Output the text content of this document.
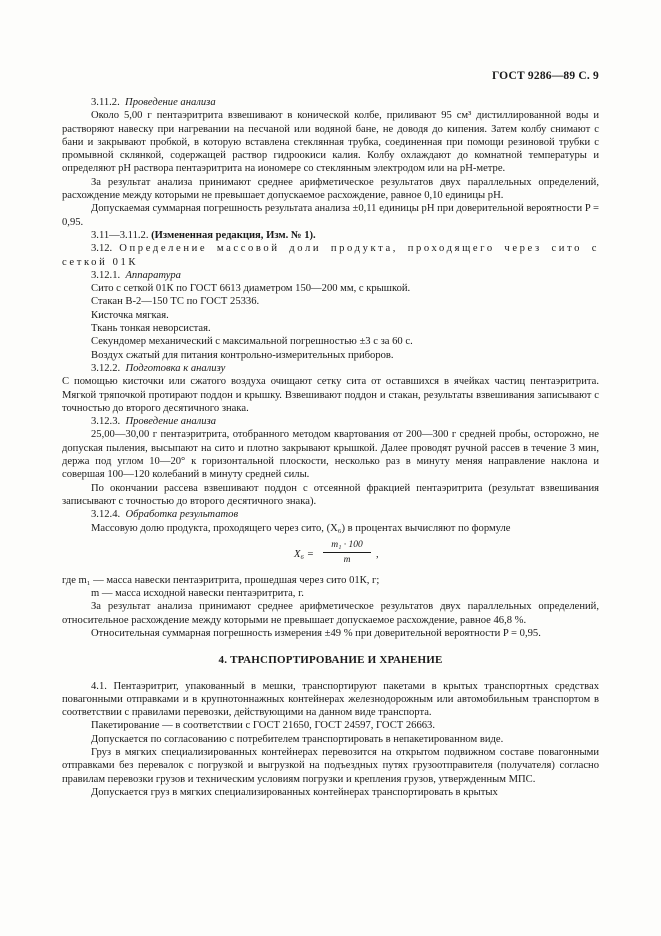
ГОСТ 9286—89 С. 9

3.11.2. Проведение анализа

Около 5,00 г пентаэритрита взвешивают в конической колбе, приливают 95 см³ дистиллированной воды и растворяют навеску при нагревании на песчаной или водяной бане, не доводя до кипения. Затем колбу снимают с бани и закрывают пробкой, в которую вставлена стеклянная трубка, соединенная при помощи резиновой трубки с промывной склянкой, содержащей раствор гидроокиси калия. Колбу охлаждают до комнатной температуры и определяют pH раствора пентаэритрита на иономере со стеклянным электродом или на pH-метре.

За результат анализа принимают среднее арифметическое результатов двух параллельных определений, расхождение между которыми не превышает допускаемое расхождение, равное 0,10 единицы pH.

Допускаемая суммарная погрешность результата анализа ±0,11 единицы pH при доверительной вероятности P = 0,95.

3.11—3.11.2. (Измененная редакция, Изм. № 1).

3.12. Определение массовой доли продукта, проходящего через сито с сеткой 01К

3.12.1. Аппаратура

Сито с сеткой 01К по ГОСТ 6613 диаметром 150—200 мм, с крышкой.

Стакан В-2—150 ТС по ГОСТ 25336.

Кисточка мягкая.

Ткань тонкая неворсистая.

Секундомер механический с максимальной погрешностью ±3 с за 60 с.

Воздух сжатый для питания контрольно-измерительных приборов.

3.12.2. Подготовка к анализу

С помощью кисточки или сжатого воздуха очищают сетку сита от оставшихся в ячейках частиц пентаэритрита. Мягкой тряпочкой протирают поддон и крышку. Взвешивают поддон и стакан, результаты взвешивания записывают с точностью до второго десятичного знака.

3.12.3. Проведение анализа

25,00—30,00 г пентаэритрита, отобранного методом квартования от 200—300 г средней пробы, осторожно, не допуская пыления, высыпают на сито и плотно закрывают крышкой. Далее проводят ручной рассев в течение 3 мин, держа под углом 10—20° к горизонтальной плоскости, несколько раз в минуту меняя направление наклона и совершая 100—120 колебаний в минуту средней силы.

По окончании рассева взвешивают поддон с отсеянной фракцией пентаэритрита (результат взвешивания записывают с точностью до второго десятичного знака).

3.12.4. Обработка результатов

Массовую долю продукта, проходящего через сито, (X₆) в процентах вычисляют по формуле

X₆ =
m₁ · 100
m	,

где m₁ — масса навески пентаэритрита, прошедшая через сито 01К, г;

m — масса исходной навески пентаэритрита, г.

За результат анализа принимают среднее арифметическое результатов двух параллельных определений, относительное расхождение между которыми не превышает допускаемое расхождение, равное 46,8 %.

Относительная суммарная погрешность измерения ±49 % при доверительной вероятности P = 0,95.

4. ТРАНСПОРТИРОВАНИЕ И ХРАНЕНИЕ

4.1. Пентаэритрит, упакованный в мешки, транспортируют пакетами в крытых транспортных средствах повагонными отправками и в крупнотоннажных контейнерах железнодорожным или автомобильным транспортом в соответствии с правилами перевозки, действующими на данном виде транспорта.

Пакетирование — в соответствии с ГОСТ 21650, ГОСТ 24597, ГОСТ 26663.

Допускается по согласованию с потребителем транспортировать в непакетированном виде.

Груз в мягких специализированных контейнерах перевозится на открытом подвижном составе повагонными отправками без перевалок с погрузкой и выгрузкой на подъездных путях грузоотправителя (получателя) согласно правилам перевозки грузов и техническим условиям погрузки и крепления грузов, утвержденным МПС.

Допускается груз в мягких специализированных контейнерах транспортировать в крытых
